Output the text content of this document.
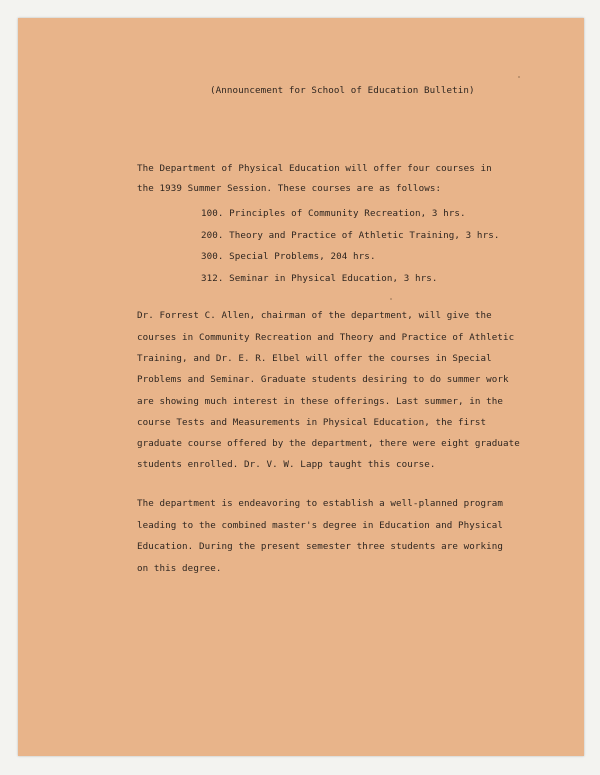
(Announcement for School of Education Bulletin)
The Department of Physical Education will offer four courses in
the 1939 Summer Session. These courses are as follows:
100. Principles of Community Recreation, 3 hrs.
200. Theory and Practice of Athletic Training, 3 hrs.
300. Special Problems, 204 hrs.
312. Seminar in Physical Education, 3 hrs.
Dr. Forrest C. Allen, chairman of the department, will give the
courses in Community Recreation and Theory and Practice of Athletic
Training, and Dr. E. R. Elbel will offer the courses in Special
Problems and Seminar. Graduate students desiring to do summer work
are showing much interest in these offerings. Last summer, in the
course Tests and Measurements in Physical Education, the first
graduate course offered by the department, there were eight graduate
students enrolled. Dr. V. W. Lapp taught this course.
The department is endeavoring to establish a well-planned program
leading to the combined master's degree in Education and Physical
Education. During the present semester three students are working
on this degree.
